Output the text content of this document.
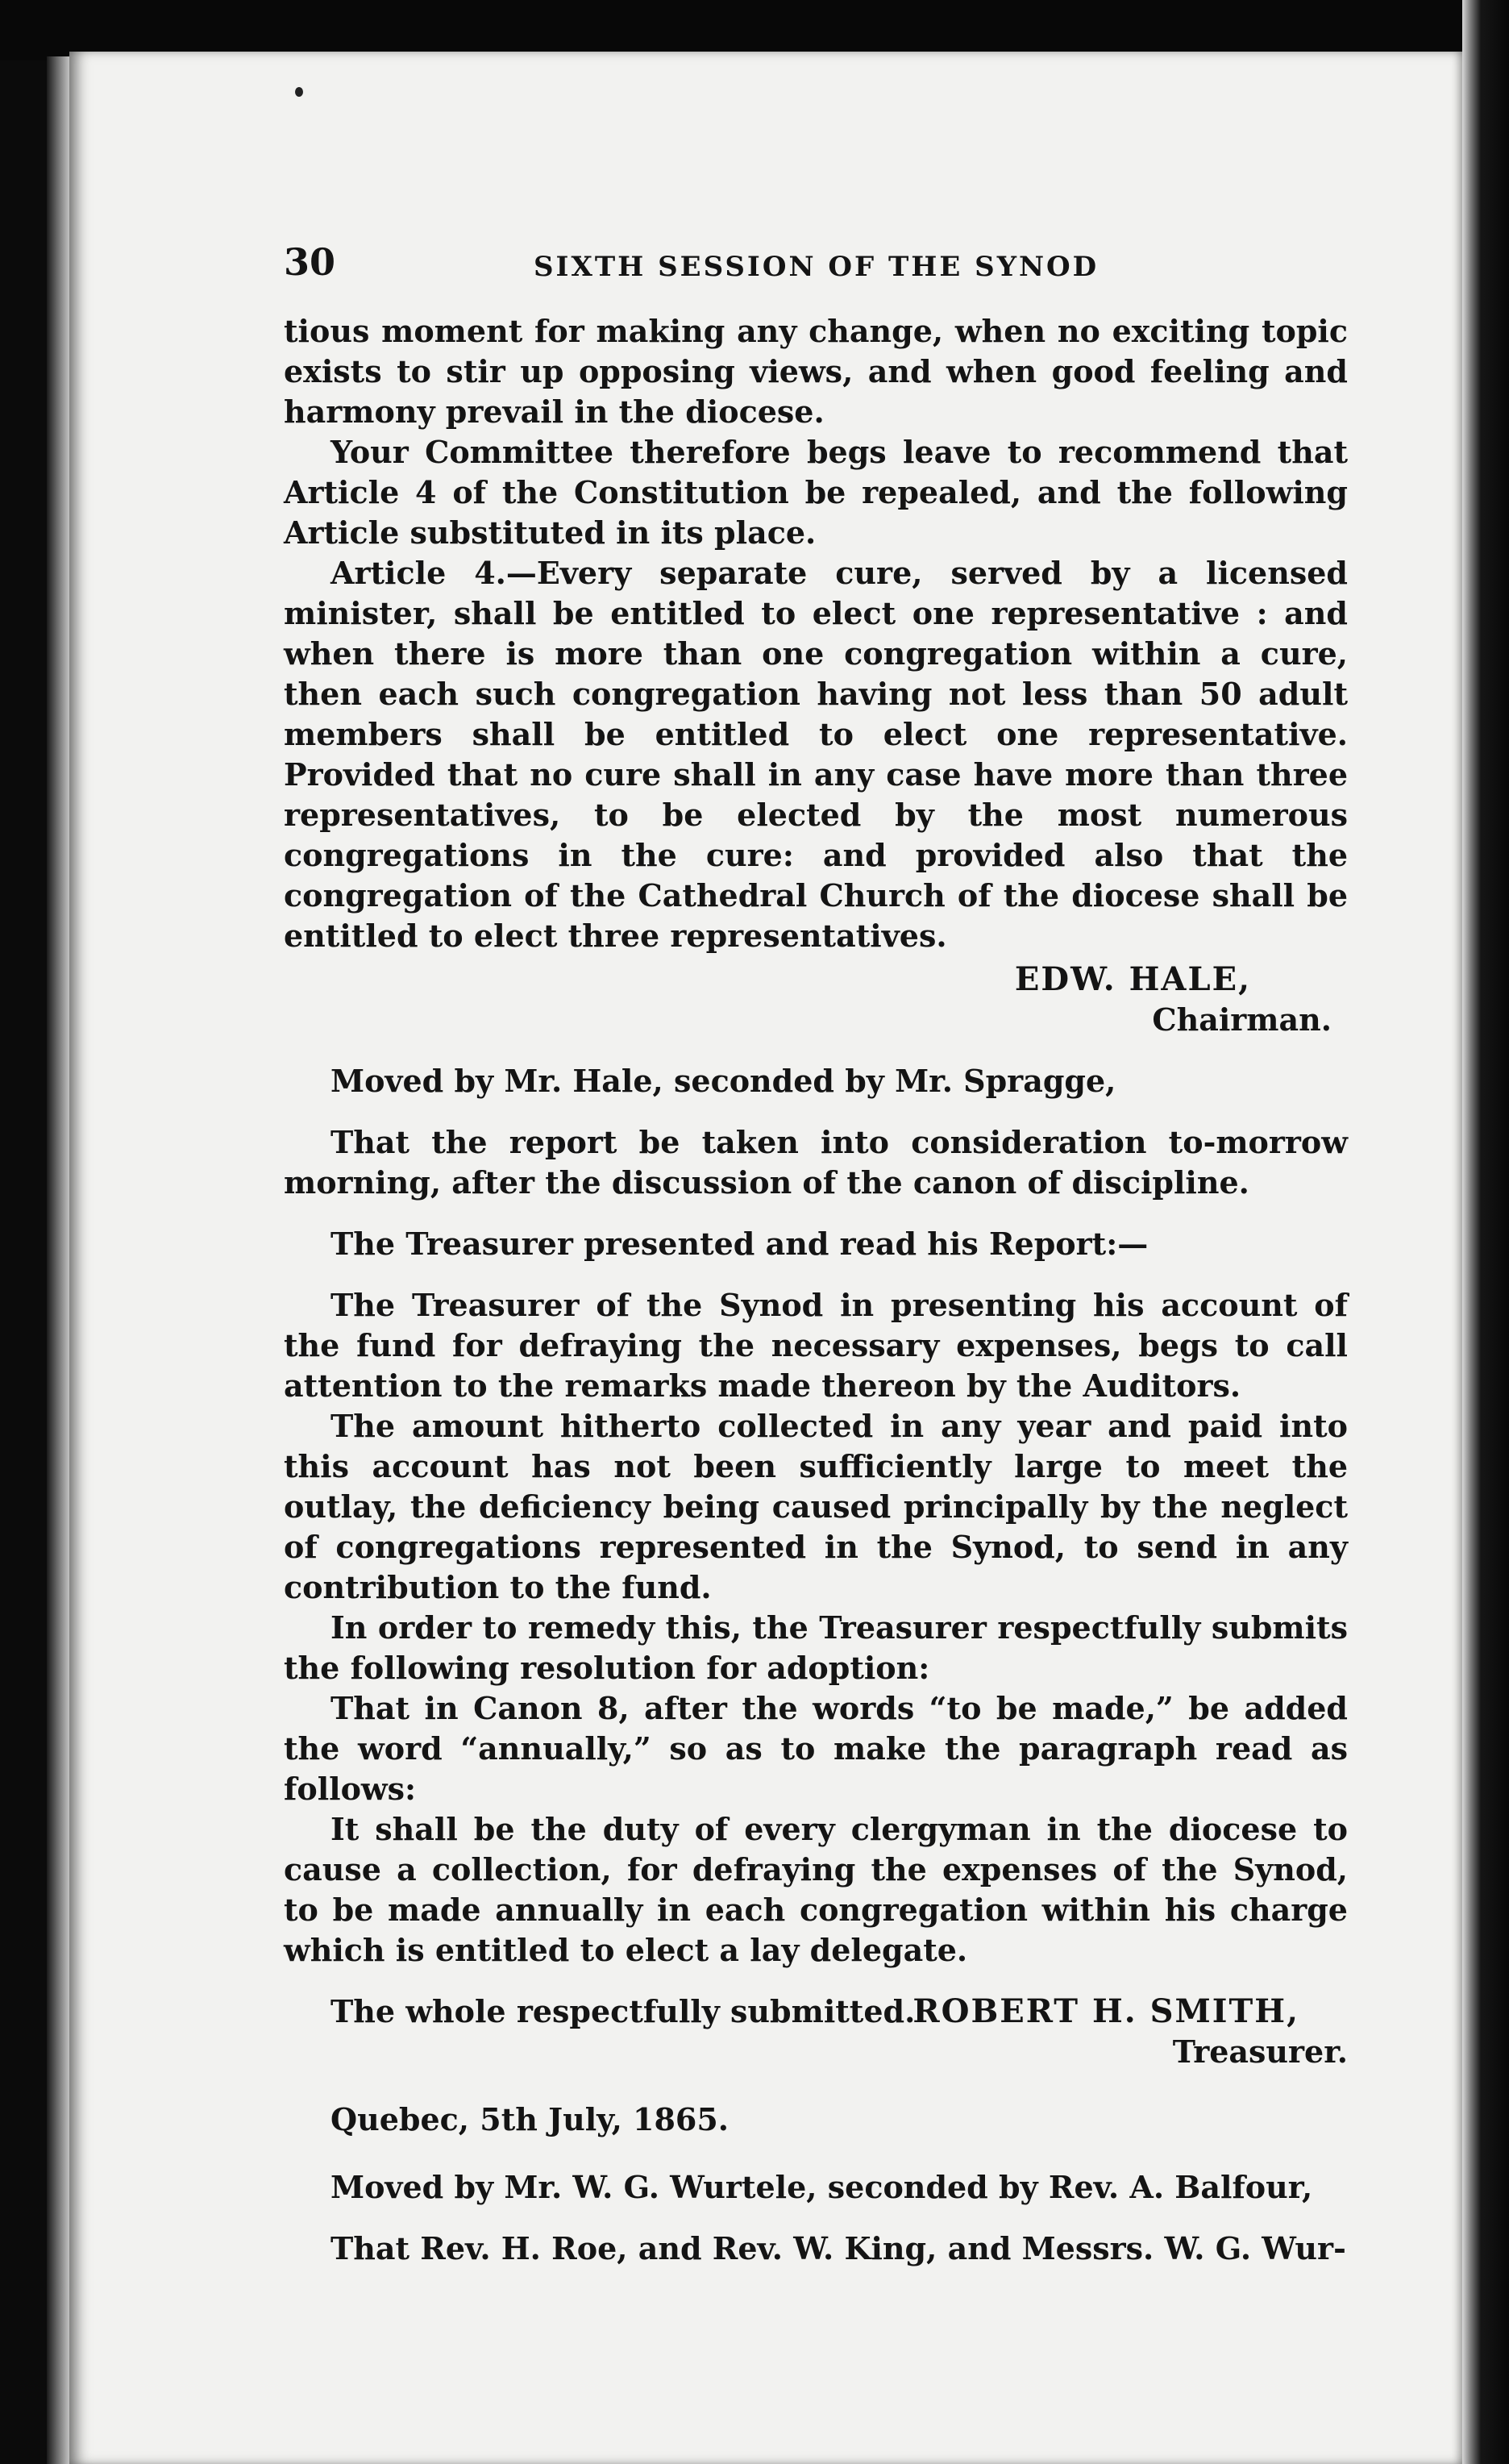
30	SIXTH SESSION OF THE SYNOD

tious moment for making any change, when no exciting topic exists to stir up opposing views, and when good feeling and harmony prevail in the diocese.

Your Committee therefore begs leave to recommend that Article 4 of the Constitution be repealed, and the following Article substituted in its place.

Article 4.—Every separate cure, served by a licensed minister, shall be entitled to elect one representative : and when there is more than one congregation within a cure, then each such congregation having not less than 50 adult members shall be entitled to elect one representative. Provided that no cure shall in any case have more than three representatives, to be elected by the most numerous congregations in the cure: and provided also that the congregation of the Cathedral Church of the diocese shall be entitled to elect three representatives.

EDW. HALE,
Chairman.

Moved by Mr. Hale, seconded by Mr. Spragge,

That the report be taken into consideration to-morrow morning, after the discussion of the canon of discipline.

The Treasurer presented and read his Report:—

The Treasurer of the Synod in presenting his account of the fund for defraying the necessary expenses, begs to call attention to the remarks made thereon by the Auditors.

The amount hitherto collected in any year and paid into this account has not been sufficiently large to meet the outlay, the deficiency being caused principally by the neglect of congregations represented in the Synod, to send in any contribution to the fund.

In order to remedy this, the Treasurer respectfully submits the following resolution for adoption:

That in Canon 8, after the words “to be made,” be added the word “annually,” so as to make the paragraph read as follows:

It shall be the duty of every clergyman in the diocese to cause a collection, for defraying the expenses of the Synod, to be made annually in each congregation within his charge which is entitled to elect a lay delegate.

The whole respectfully submitted.

ROBERT H. SMITH,
Treasurer.

Quebec, 5th July, 1865.

Moved by Mr. W. G. Wurtele, seconded by Rev. A. Balfour,

That Rev. H. Roe, and Rev. W. King, and Messrs. W. G. Wur-
